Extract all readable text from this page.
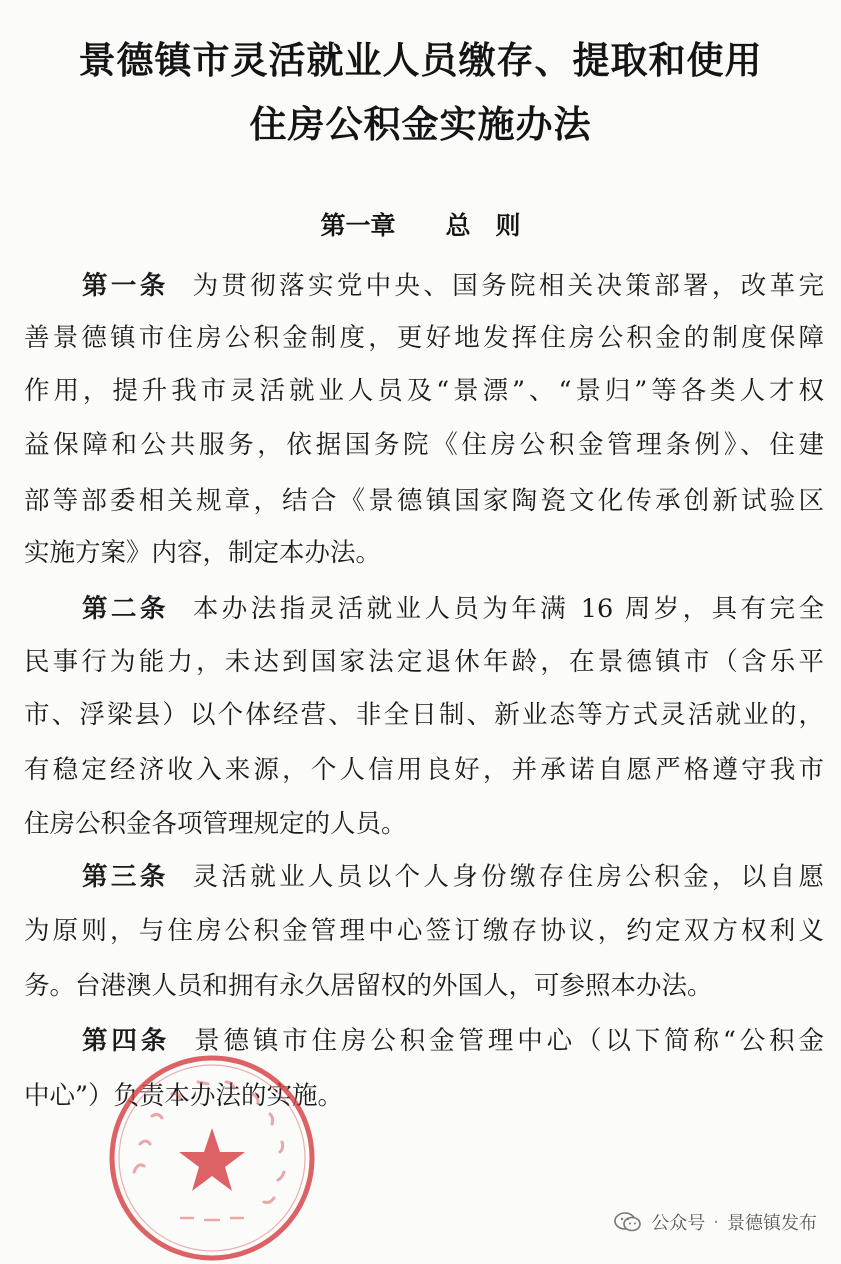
景德镇市灵活就业人员缴存、提取和使用
住房公积金实施办法
第一章　　总　则
第一条 为贯彻落实党中央、国务院相关决策部署，改革完
善景德镇市住房公积金制度，更好地发挥住房公积金的制度保障
作用，提升我市灵活就业人员及“景漂”、“景归”等各类人才权
益保障和公共服务，依据国务院《住房公积金管理条例》、住建
部等部委相关规章，结合《景德镇国家陶瓷文化传承创新试验区
实施方案》内容，制定本办法。
第二条 本办法指灵活就业人员为年满 16 周岁，具有完全
民事行为能力，未达到国家法定退休年龄，在景德镇市（含乐平
市、浮梁县）以个体经营、非全日制、新业态等方式灵活就业的，
有稳定经济收入来源，个人信用良好，并承诺自愿严格遵守我市
住房公积金各项管理规定的人员。
第三条 灵活就业人员以个人身份缴存住房公积金，以自愿
为原则，与住房公积金管理中心签订缴存协议，约定双方权利义
务。台港澳人员和拥有永久居留权的外国人，可参照本办法。
第四条 景德镇市住房公积金管理中心（以下简称“公积金
中心”）负责本办法的实施。
公众号 · 景德镇发布
